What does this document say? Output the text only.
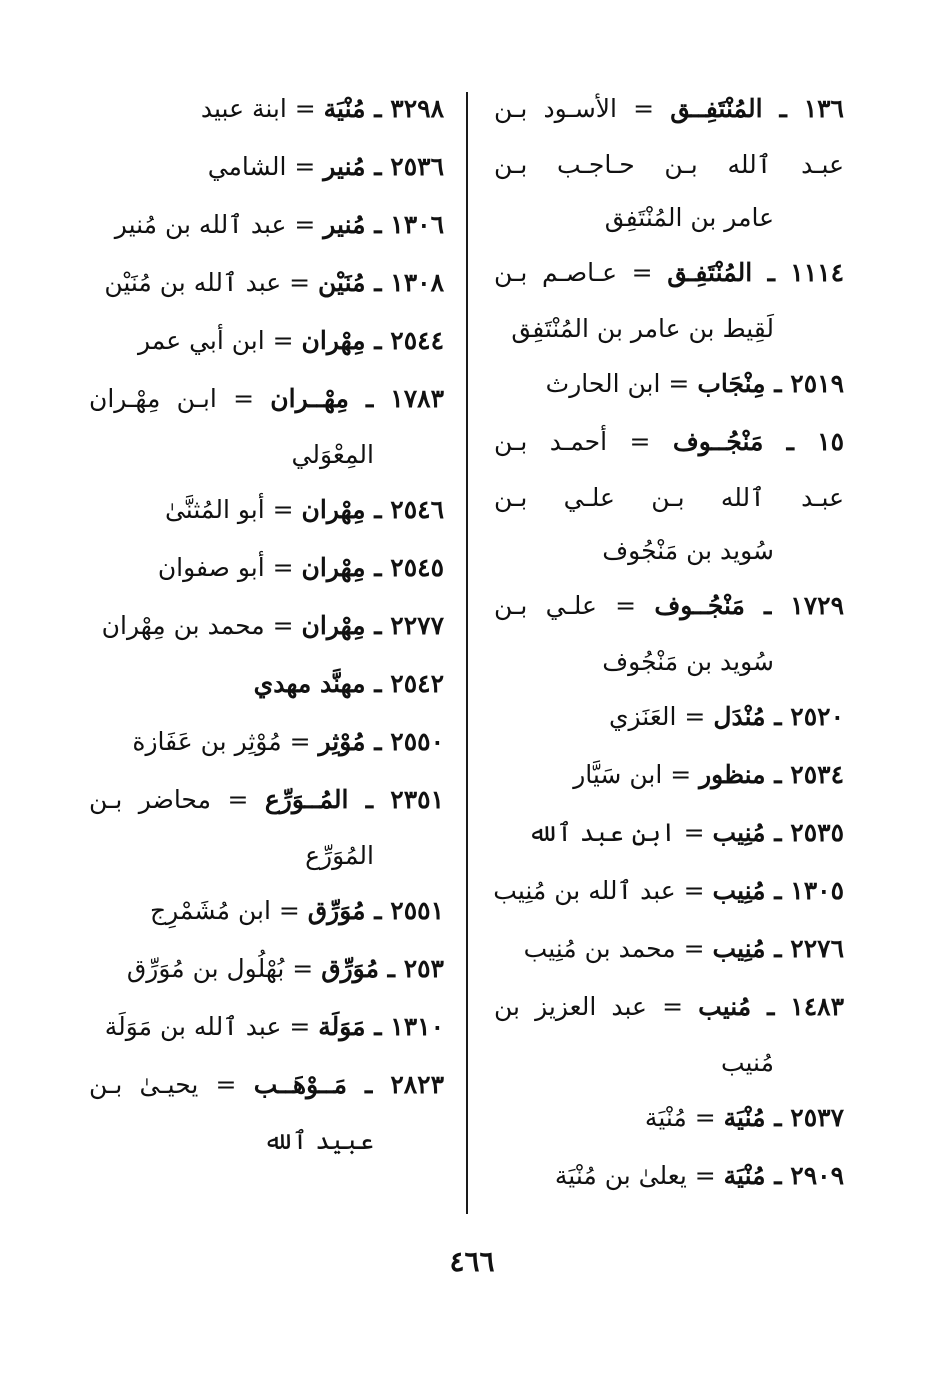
١٣٦ ـ المُنْتَفِــق = الأسـود بـن
عبـد ٱلله بـن حـاجـب بـن
عامر بن المُنْتَفِق
١١١٤ ـ المُنْتَفِـق = عـاصـم بـن
لَقِيط بن عامر بن المُنْتَفِق
٢٥١٩ ـ مِنْجَاب = ابن الحارث
١٥ ـ مَنْجُــوف = أحمـد بـن
عبـد ٱلله بـن علـي بـن
سُويد بن مَنْجُوف
١٧٢٩ ـ مَنْجُــوف = علـي بـن
سُويد بن مَنْجُوف
٢٥٢٠ ـ مُنْدَل = العَنَزي
٢٥٣٤ ـ منظور = ابن سَيَّار
٢٥٣٥ ـ مُنِيب = ابن عبد ٱلله
١٣٠٥ ـ مُنِيب = عبد ٱلله بن مُنِيب
٢٢٧٦ ـ مُنِيب = محمد بن مُنِيب
١٤٨٣ ـ مُنيب = عبد العزيز بن
مُنيب
٢٥٣٧ ـ مُنْيَة = مُنْيَة
٢٩٠٩ ـ مُنْيَة = يعلىٰ بن مُنْيَة
٣٢٩٨ ـ مُنْيَة = ابنة عبيد
٢٥٣٦ ـ مُنير = الشامي
١٣٠٦ ـ مُنير = عبد ٱلله بن مُنير
١٣٠٨ ـ مُنَيْن = عبد ٱلله بن مُنَيْن
٢٥٤٤ ـ مِهْران = ابن أبي عمر
١٧٨٣ ـ مِهْــران = ابـن مِهْـران
المِعْوَلي
٢٥٤٦ ـ مِهْران = أبو المُثنَّىٰ
٢٥٤٥ ـ مِهْران = أبو صفوان
٢٢٧٧ ـ مِهْران = محمد بن مِهْران
٢٥٤٢ ـ مهنَّد مهدي
٢٥٥٠ ـ مُوْثِر = مُوْثِر بن عَفَازة
٢٣٥١ ـ المُــوَرِّع = محاضر بـن
المُوَرِّع
٢٥٥١ ـ مُوَرِّق = ابن مُشَمْرِج
٢٥٣ ـ مُوَرِّق = بُهْلُول بن مُوَرِّق
١٣١٠ ـ مَوَلَة = عبد ٱلله بن مَوَلَة
٢٨٢٣ ـ مَــوْهَــب = يحيـىٰ بـن
عبيد ٱلله
٤٦٦
